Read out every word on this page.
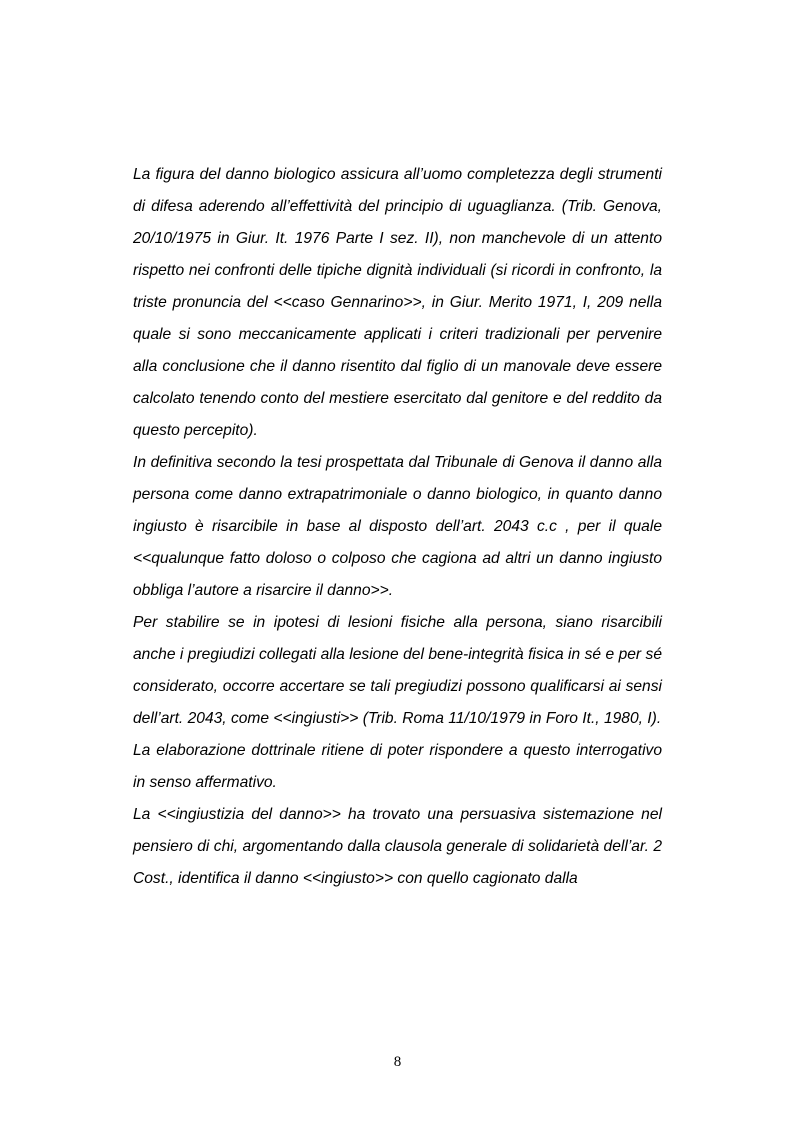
La figura del danno biologico assicura all’uomo completezza degli strumenti di difesa aderendo all’effettività del principio di uguaglianza. (Trib. Genova, 20/10/1975 in Giur. It. 1976 Parte I sez. II), non manchevole di un attento rispetto nei confronti delle tipiche dignità individuali (si ricordi in confronto, la triste pronuncia del <<caso Gennarino>>, in Giur. Merito 1971, I, 209 nella quale si sono meccanicamente applicati i criteri tradizionali per pervenire alla conclusione che il danno risentito dal figlio di un manovale deve essere calcolato tenendo conto del mestiere esercitato dal genitore e del reddito da questo percepito).

In definitiva secondo la tesi prospettata dal Tribunale di Genova il danno alla persona come danno extrapatrimoniale o danno biologico, in quanto danno ingiusto è risarcibile in base al disposto dell’art. 2043 c.c , per il quale <<qualunque fatto doloso o colposo che cagiona ad altri un danno ingiusto obbliga l’autore a risarcire il danno>>.

Per stabilire se in ipotesi di lesioni fisiche alla persona, siano risarcibili anche i pregiudizi collegati alla lesione del bene-integrità fisica in sé e per sé considerato, occorre accertare se tali pregiudizi possono qualificarsi ai sensi dell’art. 2043, come <<ingiusti>> (Trib. Roma 11/10/1979 in Foro It., 1980, I).

La elaborazione dottrinale ritiene di poter rispondere a questo interrogativo in senso affermativo.

La <<ingiustizia del danno>> ha trovato una persuasiva sistemazione nel pensiero di chi, argomentando dalla clausola generale di solidarietà dell’ar. 2 Cost., identifica il danno <<ingiusto>> con quello cagionato dalla

8
